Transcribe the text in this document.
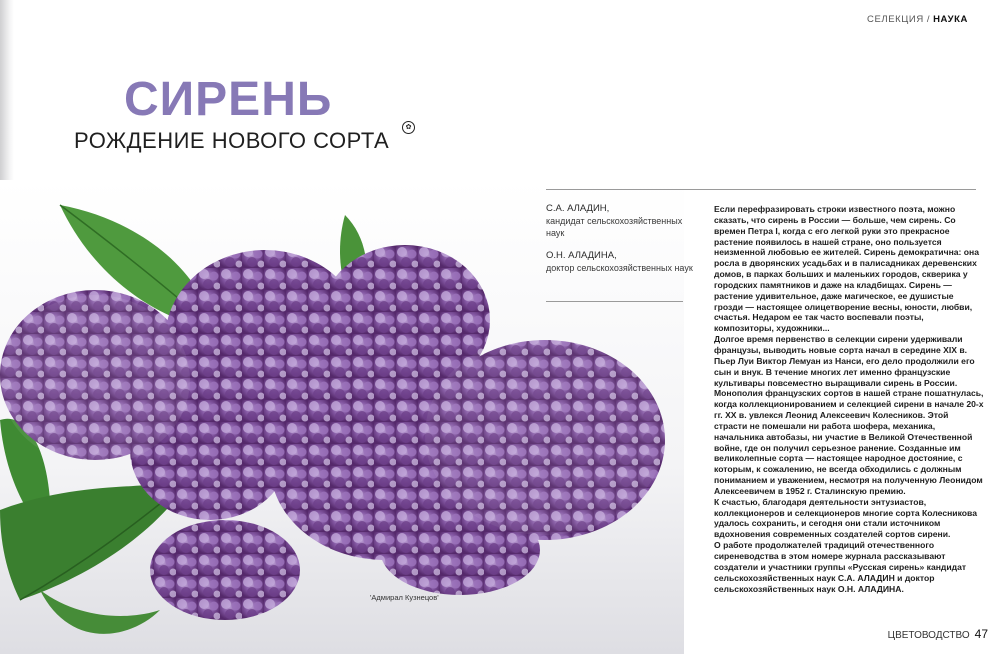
СЕЛЕКЦИЯ / НАУКА
СИРЕНЬ
РОЖДЕНИЕ НОВОГО СОРТА
✿
'Адмирал Кузнецов'
С.А. АЛАДИН,
кандидат сельскохозяйственных наук
О.Н. АЛАДИНА,
доктор сельскохозяйственных наук

Если перефразировать строки известного поэта, можно сказать, что сирень в России — больше, чем сирень. Со времен Петра I, когда с его легкой руки это прекрасное растение появилось в нашей стране, оно пользуется неизменной любовью ее жителей. Сирень демократична: она росла в дворянских усадьбах и в палисадниках деревенских домов, в парках больших и маленьких городов, скверика у городских памятников и даже на кладбищах. Сирень — растение удивительное, даже магическое, ее душистые грозди — настоящее олицетворение весны, юности, любви, счастья. Недаром ее так часто воспевали поэты, композиторы, художники...

Долгое время первенство в селекции сирени удерживали французы, выводить новые сорта начал в середине XIX в. Пьер Луи Виктор Лемуан из Нанси, его дело продолжили его сын и внук. В течение многих лет именно французские культивары повсеместно выращивали сирень в России. Монополия французских сортов в нашей стране пошатнулась, когда коллекционированием и селекцией сирени в начале 20-х гг. XX в. увлекся Леонид Алексеевич Колесников. Этой страсти не помешали ни работа шофера, механика, начальника автобазы, ни участие в Великой Отечественной войне, где он получил серьезное ранение. Созданные им великолепные сорта — настоящее народное достояние, с которым, к сожалению, не всегда обходились с должным пониманием и уважением, несмотря на полученную Леонидом Алексеевичем в 1952 г. Сталинскую премию.

К счастью, благодаря деятельности энтузиастов, коллекционеров и селекционеров многие сорта Колесникова удалось сохранить, и сегодня они стали источником вдохновения современных создателей сортов сирени.

О работе продолжателей традиций отечественного сиреневодства в этом номере журнала рассказывают создатели и участники группы «Русская сирень» кандидат сельскохозяйственных наук С.А. АЛАДИН и доктор сельскохозяйственных наук О.Н. АЛАДИНА.

ЦВЕТОВОДСТВО 47
